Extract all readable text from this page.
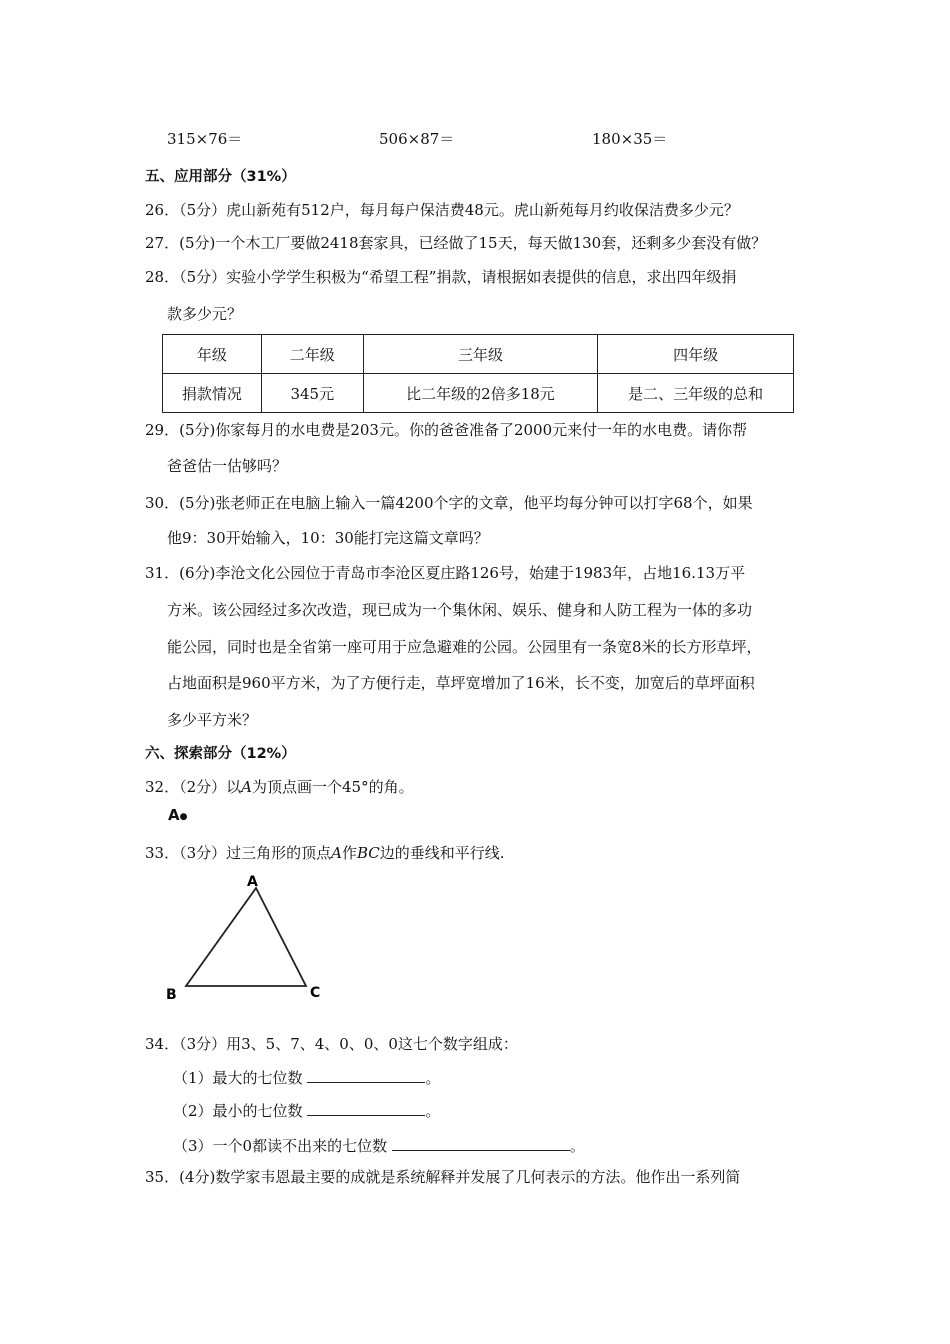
315×76＝	506×87＝	180×35＝
五、应用部分（31%）
26．（5分）虎山新苑有512户，每月每户保洁费48元。虎山新苑每月约收保洁费多少元？
27．(5分)一个木工厂要做2418套家具，已经做了15天，每天做130套，还剩多少套没有做？
28．（5分）实验小学学生积极为“希望工程”捐款，请根据如表提供的信息，求出四年级捐
款多少元？
年级	二年级	三年级	四年级
捐款情况	345元	比二年级的2倍多18元	是二、三年级的总和
29．(5分)你家每月的水电费是203元。你的爸爸准备了2000元来付一年的水电费。请你帮
爸爸估一估够吗？
30．(5分)张老师正在电脑上输入一篇4200个字的文章，他平均每分钟可以打字68个，如果
他9：30开始输入，10：30能打完这篇文章吗？
31．(6分)李沧文化公园位于青岛市李沧区夏庄路126号，始建于1983年，占地16.13万平
方米。该公园经过多次改造，现已成为一个集休闲、娱乐、健身和人防工程为一体的多功
能公园，同时也是全省第一座可用于应急避难的公园。公园里有一条宽8米的长方形草坪，
占地面积是960平方米，为了方便行走，草坪宽增加了16米，长不变，加宽后的草坪面积
多少平方米？
六、探索部分（12%）
32．（2分）以A为顶点画一个45°的角。
A●
33．（3分）过三角形的顶点A作BC边的垂线和平行线.
A
B	C
34．（3分）用3、5、7、4、0、0、0这七个数字组成：
（1）最大的七位数	。
（2）最小的七位数	。
（3）一个0都读不出来的七位数	。
35．(4分)数学家韦恩最主要的成就是系统解释并发展了几何表示的方法。他作出一系列简
